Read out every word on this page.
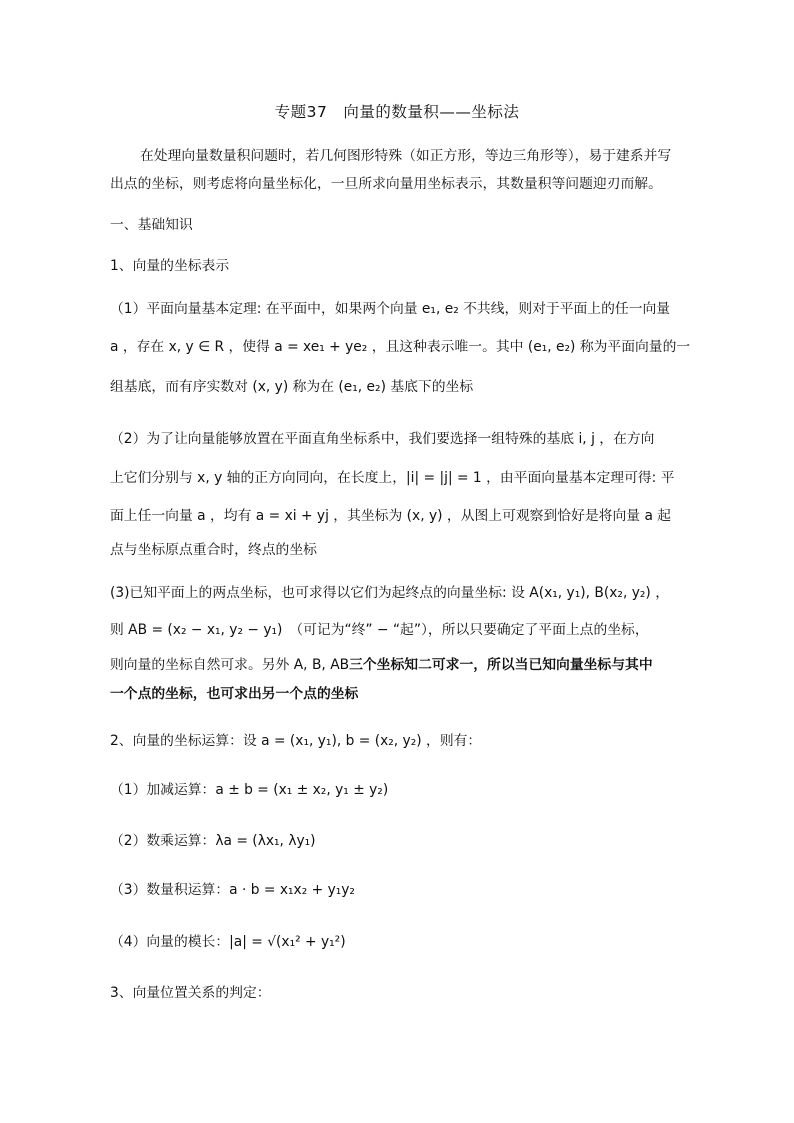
专题37　向量的数量积——坐标法
在处理向量数量积问题时，若几何图形特殊（如正方形，等边三角形等），易于建系并写
出点的坐标，则考虑将向量坐标化，一旦所求向量用坐标表示，其数量积等问题迎刃而解。
一、基础知识
1、向量的坐标表示
（1）平面向量基本定理: 在平面中，如果两个向量 e₁, e₂ 不共线，则对于平面上的任一向量
a ，存在 x, y ∈ R ，使得 a = xe₁ + ye₂ ，且这种表示唯一。其中 (e₁, e₂) 称为平面向量的一
组基底，而有序实数对 (x, y) 称为在 (e₁, e₂) 基底下的坐标
（2）为了让向量能够放置在平面直角坐标系中，我们要选择一组特殊的基底 i, j ，在方向
上它们分别与 x, y 轴的正方向同向，在长度上，|i| = |j| = 1 ，由平面向量基本定理可得: 平
面上任一向量 a ，均有 a = xi + yj ，其坐标为 (x, y) ，从图上可观察到恰好是将向量 a 起
点与坐标原点重合时，终点的坐标
(3)已知平面上的两点坐标，也可求得以它们为起终点的向量坐标: 设 A(x₁, y₁), B(x₂, y₂) ，
则 AB = (x₂ − x₁, y₂ − y₁)　（可记为“终” − “起”），所以只要确定了平面上点的坐标，
则向量的坐标自然可求。另外 A, B, AB三个坐标知二可求一，所以当已知向量坐标与其中
一个点的坐标，也可求出另一个点的坐标
2、向量的坐标运算：设 a = (x₁, y₁), b = (x₂, y₂) ，则有：
（1）加减运算：a ± b = (x₁ ± x₂, y₁ ± y₂)
（2）数乘运算：λa = (λx₁, λy₁)
（3）数量积运算：a · b = x₁x₂ + y₁y₂
（4）向量的模长：|a| = √(x₁² + y₁²)
3、向量位置关系的判定：
